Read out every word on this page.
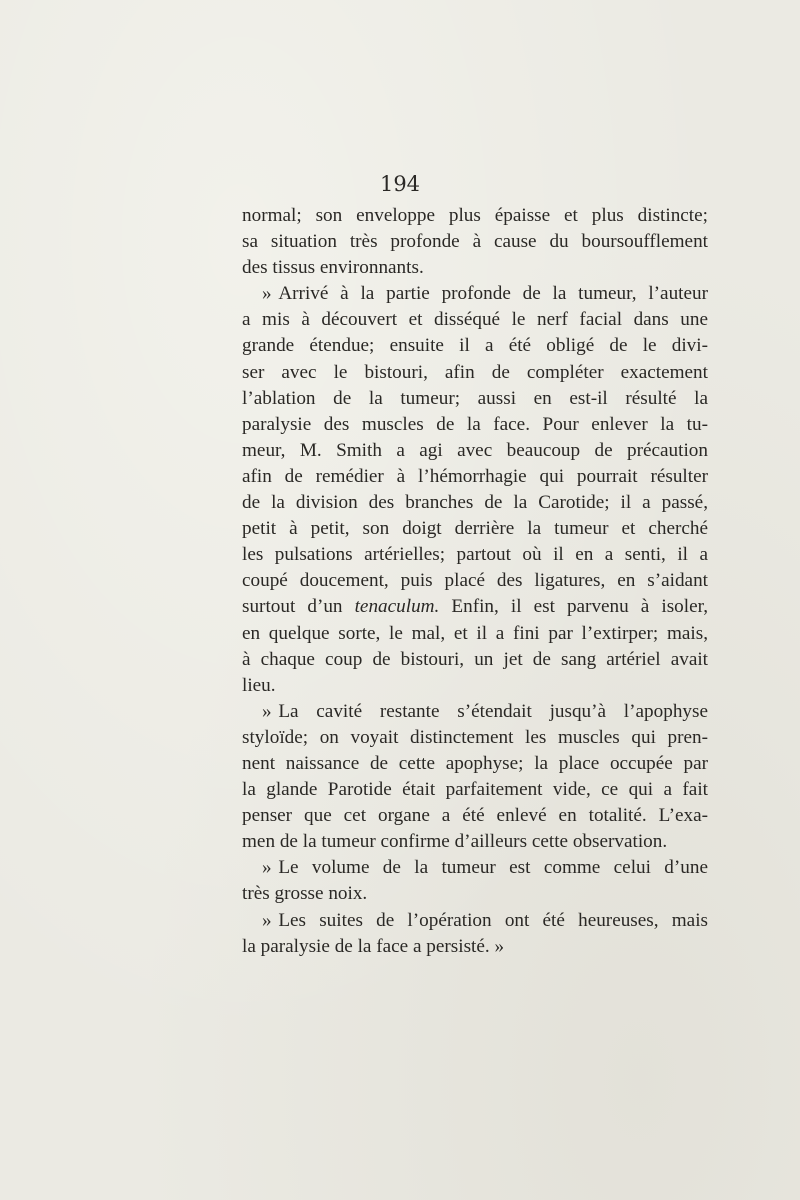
194
normal; son enveloppe plus épaisse et plus distincte;
sa situation très profonde à cause du boursoufflement
des tissus environnants.
» Arrivé à la partie profonde de la tumeur, l’auteur
a mis à découvert et disséqué le nerf facial dans une
grande étendue; ensuite il a été obligé de le divi-
ser avec le bistouri, afin de compléter exactement
l’ablation de la tumeur; aussi en est-il résulté la
paralysie des muscles de la face. Pour enlever la tu-
meur, M. Smith a agi avec beaucoup de précaution
afin de remédier à l’hémorrhagie qui pourrait résulter
de la division des branches de la Carotide; il a passé,
petit à petit, son doigt derrière la tumeur et cherché
les pulsations artérielles; partout où il en a senti, il a
coupé doucement, puis placé des ligatures, en s’aidant
surtout d’un tenaculum. Enfin, il est parvenu à isoler,
en quelque sorte, le mal, et il a fini par l’extirper; mais,
à chaque coup de bistouri, un jet de sang artériel avait
lieu.
» La cavité restante s’étendait jusqu’à l’apophyse
styloïde; on voyait distinctement les muscles qui pren-
nent naissance de cette apophyse; la place occupée par
la glande Parotide était parfaitement vide, ce qui a fait
penser que cet organe a été enlevé en totalité. L’exa-
men de la tumeur confirme d’ailleurs cette observation.
» Le volume de la tumeur est comme celui d’une
très grosse noix.
» Les suites de l’opération ont été heureuses, mais
la paralysie de la face a persisté. »
